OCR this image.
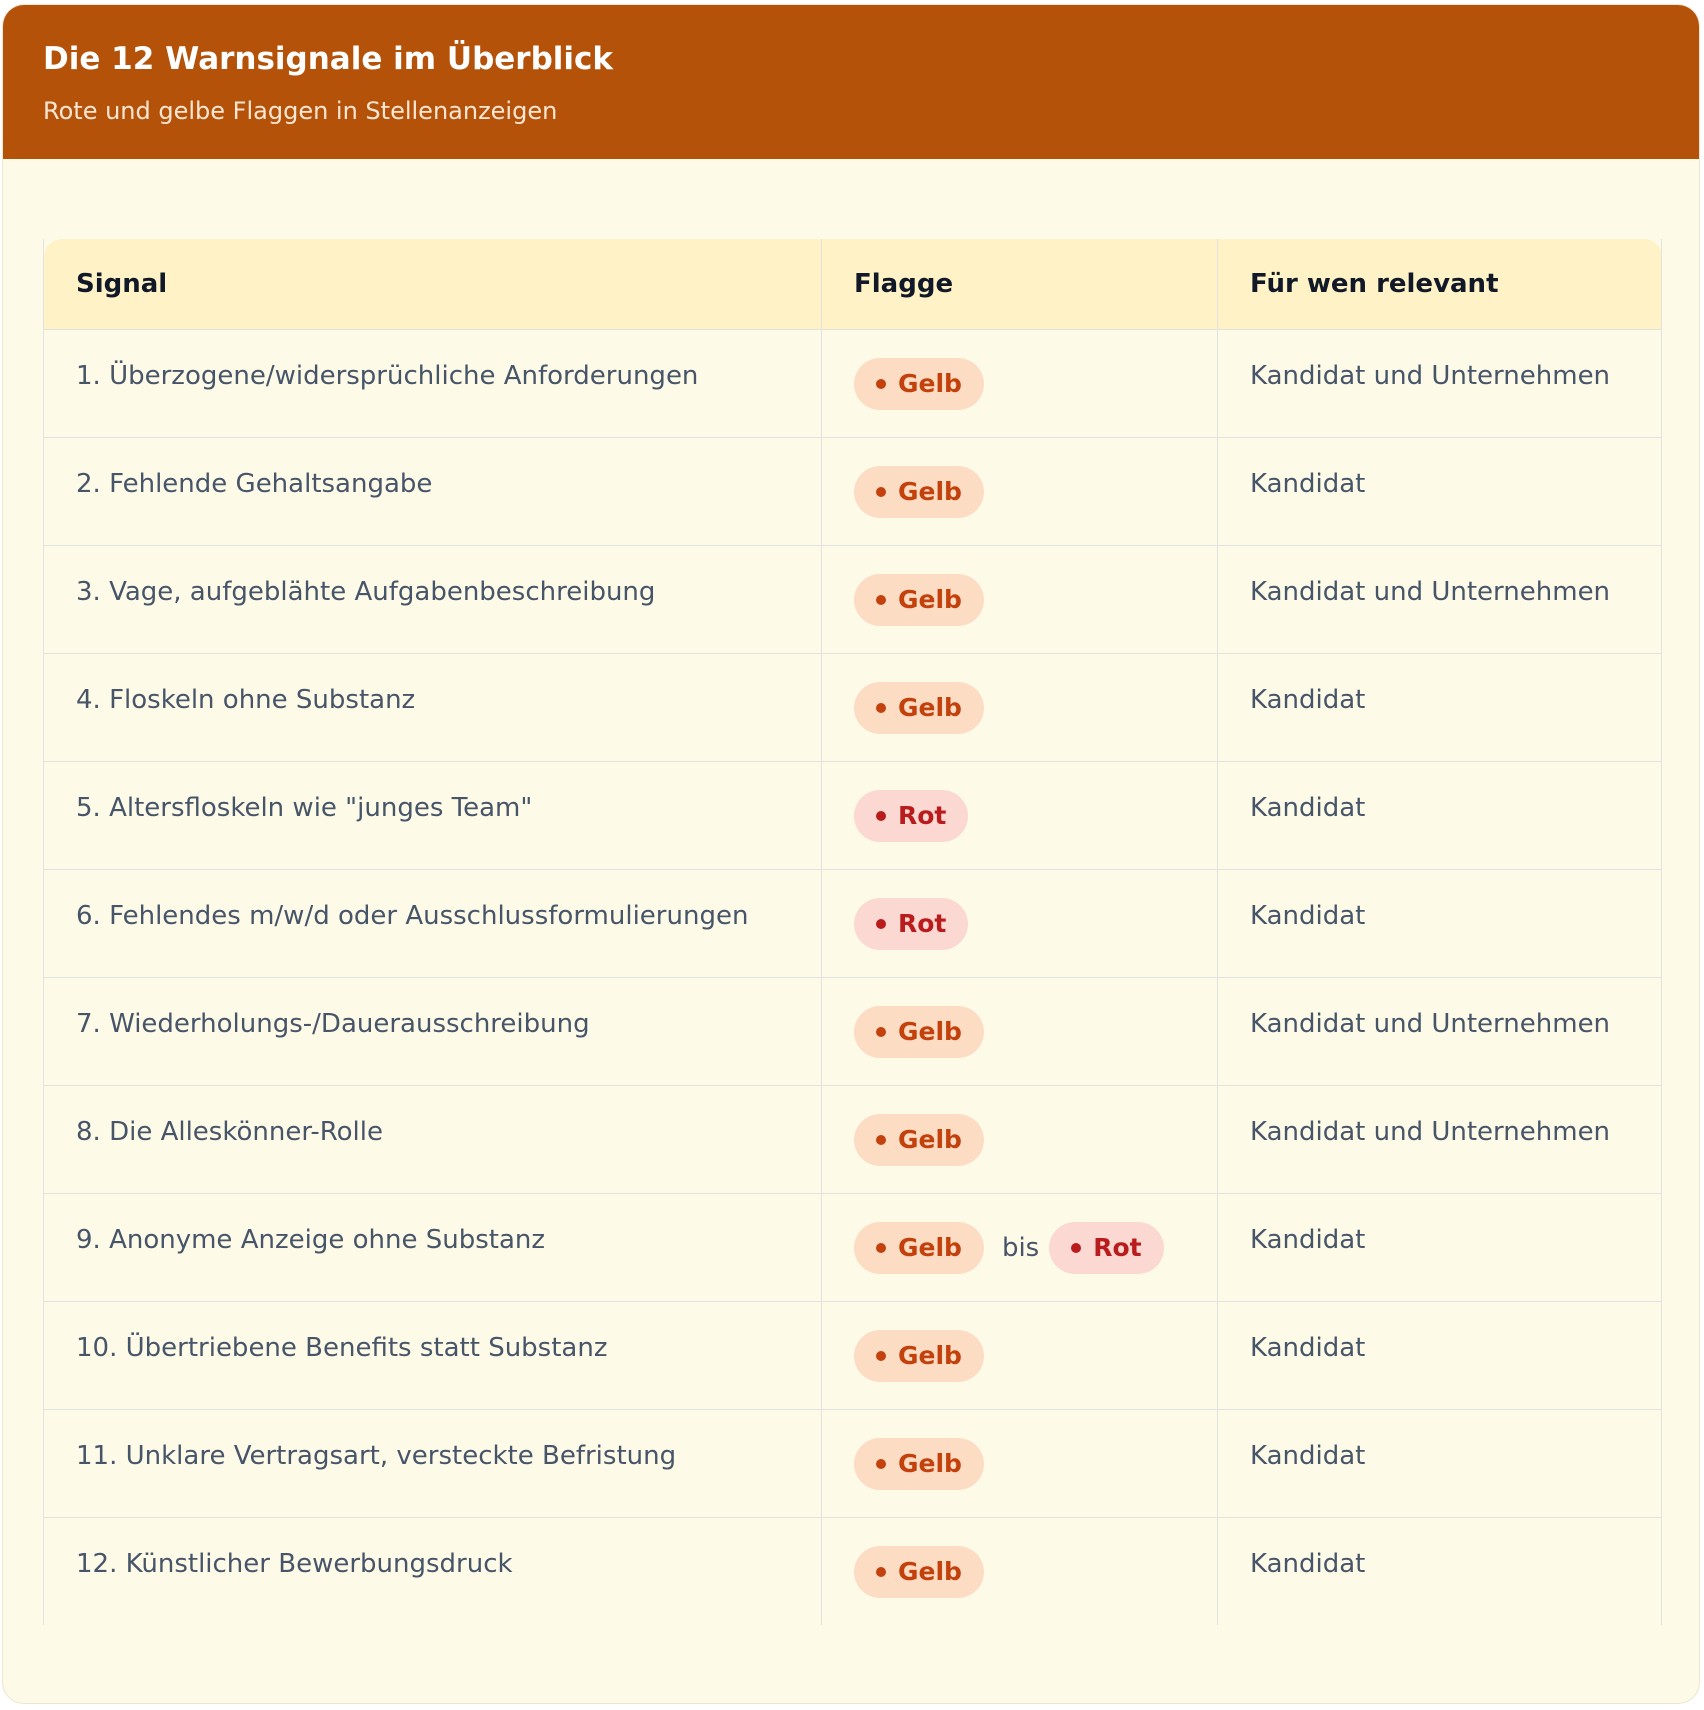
Die 12 Warnsignale im Überblick
Rote und gelbe Flaggen in Stellenanzeigen
Signal	Flagge	Für wen relevant

1. Überzogene/widersprüchliche Anforderungen	Gelb	Kandidat und Unternehmen

2. Fehlende Gehaltsangabe	Gelb	Kandidat

3. Vage, aufgeblähte Aufgabenbeschreibung	Gelb	Kandidat und Unternehmen

4. Floskeln ohne Substanz	Gelb	Kandidat

5. Altersfloskeln wie "junges Team"	Rot	Kandidat

6. Fehlendes m/w/d oder Ausschlussformulierungen	Rot	Kandidat

7. Wiederholungs-/Dauerausschreibung	Gelb	Kandidat und Unternehmen

8. Die Alleskönner-Rolle	Gelb	Kandidat und Unternehmen

9. Anonyme Anzeige ohne Substanz	Gelb bis Rot	Kandidat

10. Übertriebene Benefits statt Substanz	Gelb	Kandidat

11. Unklare Vertragsart, versteckte Befristung	Gelb	Kandidat

12. Künstlicher Bewerbungsdruck	Gelb	Kandidat
